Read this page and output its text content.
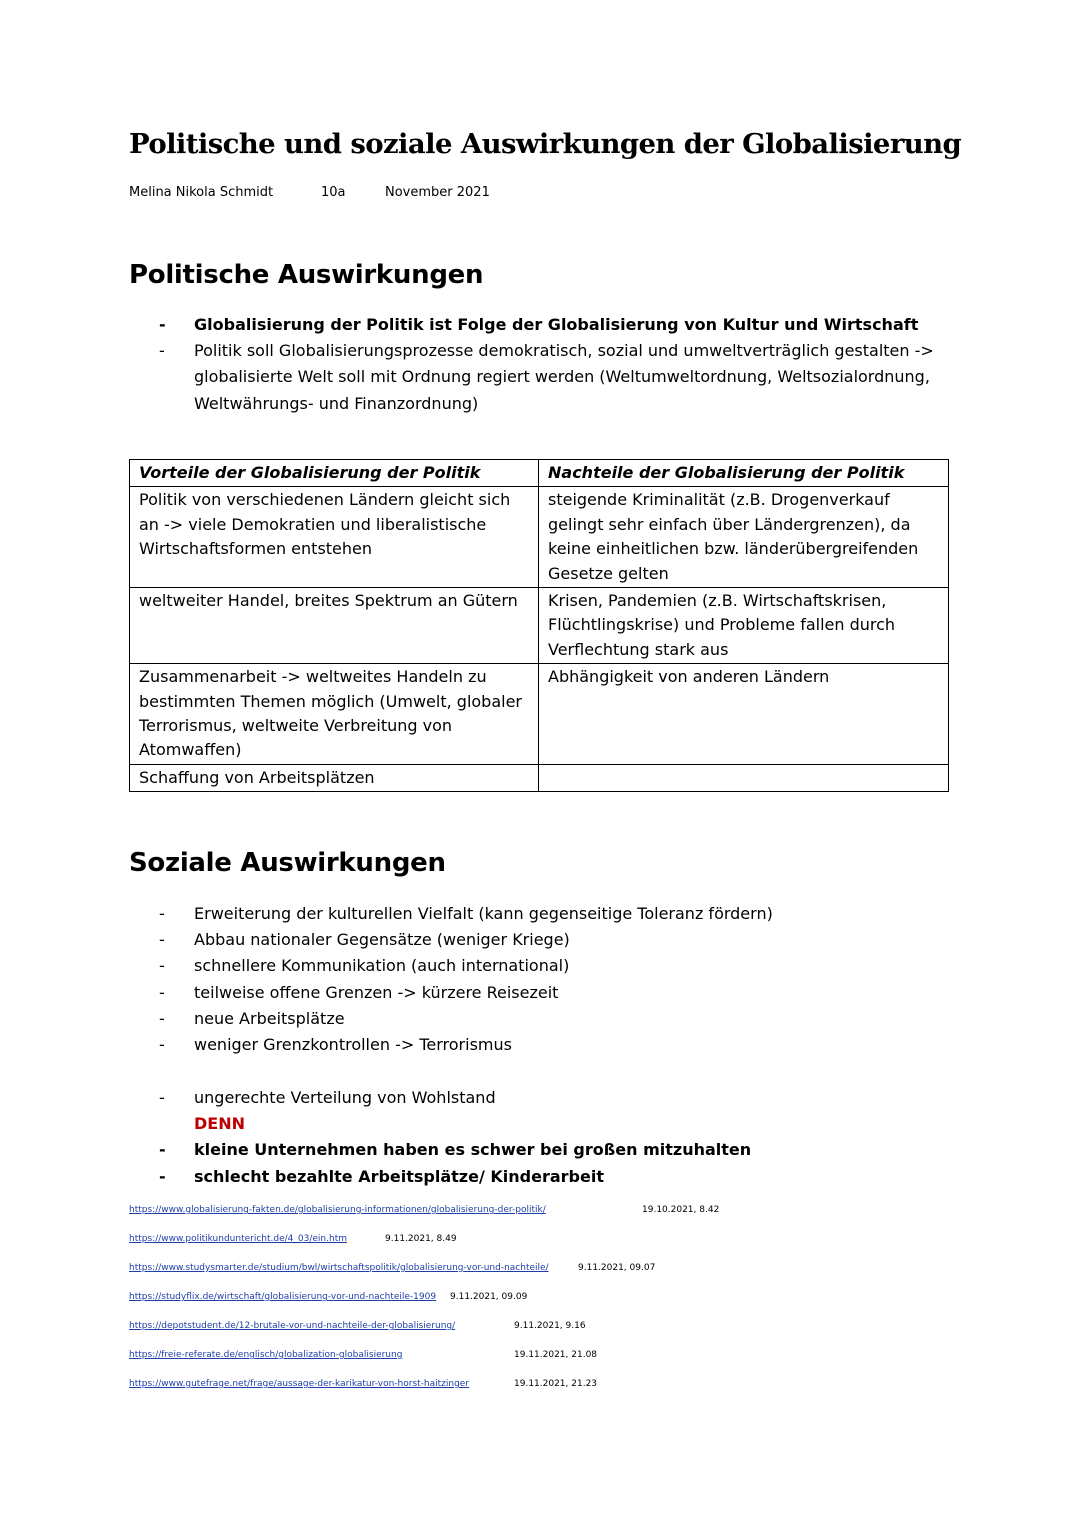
Politische und soziale Auswirkungen der Globalisierung
Melina Nikola Schmidt	10a	November 2021
Politische Auswirkungen
- Globalisierung der Politik ist Folge der Globalisierung von Kultur und Wirtschaft
- Politik soll Globalisierungsprozesse demokratisch, sozial und umweltverträglich gestalten -> globalisierte Welt soll mit Ordnung regiert werden (Weltumweltordnung, Weltsozialordnung, Weltwährungs- und Finanzordnung)
Vorteile der Globalisierung der Politik	Nachteile der Globalisierung der Politik
Politik von verschiedenen Ländern gleicht sich an -> viele Demokratien und liberalistische Wirtschaftsformen entstehen	steigende Kriminalität (z.B. Drogenverkauf gelingt sehr einfach über Ländergrenzen), da keine einheitlichen bzw. länderübergreifenden Gesetze gelten
weltweiter Handel, breites Spektrum an Gütern	Krisen, Pandemien (z.B. Wirtschaftskrisen, Flüchtlingskrise) und Probleme fallen durch Verflechtung stark aus
Zusammenarbeit -> weltweites Handeln zu bestimmten Themen möglich (Umwelt, globaler Terrorismus, weltweite Verbreitung von Atomwaffen)	Abhängigkeit von anderen Ländern
Schaffung von Arbeitsplätzen	
Soziale Auswirkungen
- Erweiterung der kulturellen Vielfalt (kann gegenseitige Toleranz fördern)
- Abbau nationaler Gegensätze (weniger Kriege)
- schnellere Kommunikation (auch international)
- teilweise offene Grenzen -> kürzere Reisezeit
- neue Arbeitsplätze
- weniger Grenzkontrollen -> Terrorismus
- ungerechte Verteilung von Wohlstand
DENN
- kleine Unternehmen haben es schwer bei großen mitzuhalten
- schlecht bezahlte Arbeitsplätze/ Kinderarbeit
https://www.globalisierung-fakten.de/globalisierung-informationen/globalisierung-der-politik/	19.10.2021, 8.42
https://www.politikunduntericht.de/4_03/ein.htm	9.11.2021, 8.49
https://www.studysmarter.de/studium/bwl/wirtschaftspolitik/globalisierung-vor-und-nachteile/	9.11.2021, 09.07
https://studyflix.de/wirtschaft/globalisierung-vor-und-nachteile-1909 9.11.2021, 09.09
https://depotstudent.de/12-brutale-vor-und-nachteile-der-globalisierung/	9.11.2021, 9.16
https://freie-referate.de/englisch/globalization-globalisierung	19.11.2021, 21.08
https://www.gutefrage.net/frage/aussage-der-karikatur-von-horst-haitzinger	19.11.2021, 21.23
